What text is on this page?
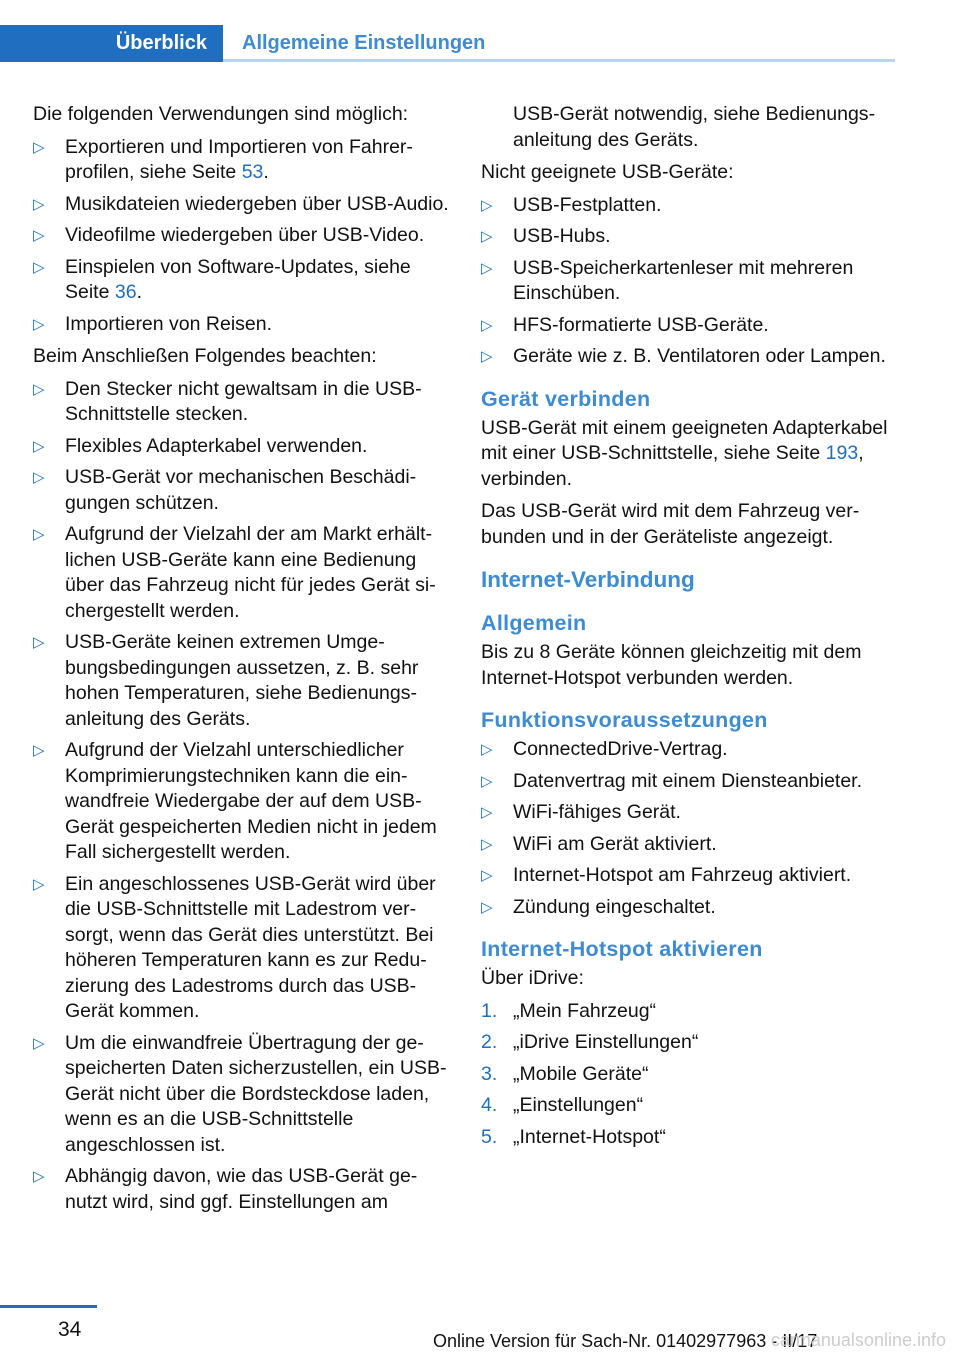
Überblick	Allgemeine Einstellungen

Die folgenden Verwendungen sind möglich:

▷ Exportieren und Importieren von Fahrerprofilen, siehe Seite 53.
▷ Musikdateien wiedergeben über USB-Audio.
▷ Videofilme wiedergeben über USB-Video.
▷ Einspielen von Software-Updates, siehe Seite 36.
▷ Importieren von Reisen.

Beim Anschließen Folgendes beachten:

▷ Den Stecker nicht gewaltsam in die USB-Schnittstelle stecken.
▷ Flexibles Adapterkabel verwenden.
▷ USB-Gerät vor mechanischen Beschädigungen schützen.
▷ Aufgrund der Vielzahl der am Markt erhältlichen USB-Geräte kann eine Bedienung über das Fahrzeug nicht für jedes Gerät sichergestellt werden.
▷ USB-Geräte keinen extremen Umgebungsbedingungen aussetzen, z. B. sehr hohen Temperaturen, siehe Bedienungsanleitung des Geräts.
▷ Aufgrund der Vielzahl unterschiedlicher Komprimierungstechniken kann die einwandfreie Wiedergabe der auf dem USB-Gerät gespeicherten Medien nicht in jedem Fall sichergestellt werden.
▷ Ein angeschlossenes USB-Gerät wird über die USB-Schnittstelle mit Ladestrom versorgt, wenn das Gerät dies unterstützt. Bei höheren Temperaturen kann es zur Reduzierung des Ladestroms durch das USB-Gerät kommen.
▷ Um die einwandfreie Übertragung der gespeicherten Daten sicherzustellen, ein USB-Gerät nicht über die Bordsteckdose laden, wenn es an die USB-Schnittstelle angeschlossen ist.
▷ Abhängig davon, wie das USB-Gerät genutzt wird, sind ggf. Einstellungen am

USB-Gerät notwendig, siehe Bedienungsanleitung des Geräts.

Nicht geeignete USB-Geräte:

▷ USB-Festplatten.
▷ USB-Hubs.
▷ USB-Speicherkartenleser mit mehreren Einschüben.
▷ HFS-formatierte USB-Geräte.
▷ Geräte wie z. B. Ventilatoren oder Lampen.
Gerät verbinden

USB-Gerät mit einem geeigneten Adapterkabel mit einer USB-Schnittstelle, siehe Seite 193, verbinden.

Das USB-Gerät wird mit dem Fahrzeug verbunden und in der Geräteliste angezeigt.

Internet-Verbindung
Allgemein

Bis zu 8 Geräte können gleichzeitig mit dem Internet-Hotspot verbunden werden.

Funktionsvoraussetzungen
▷ ConnectedDrive-Vertrag.
▷ Datenvertrag mit einem Diensteanbieter.
▷ WiFi-fähiges Gerät.
▷ WiFi am Gerät aktiviert.
▷ Internet-Hotspot am Fahrzeug aktiviert.
▷ Zündung eingeschaltet.
Internet-Hotspot aktivieren

Über iDrive:

1. „Mein Fahrzeug“
2. „iDrive Einstellungen“
3. „Mobile Geräte“
4. „Einstellungen“
5. „Internet-Hotspot“
34	Online Version für Sach-Nr. 01402977963 - II/17
carmanualsonline.info
